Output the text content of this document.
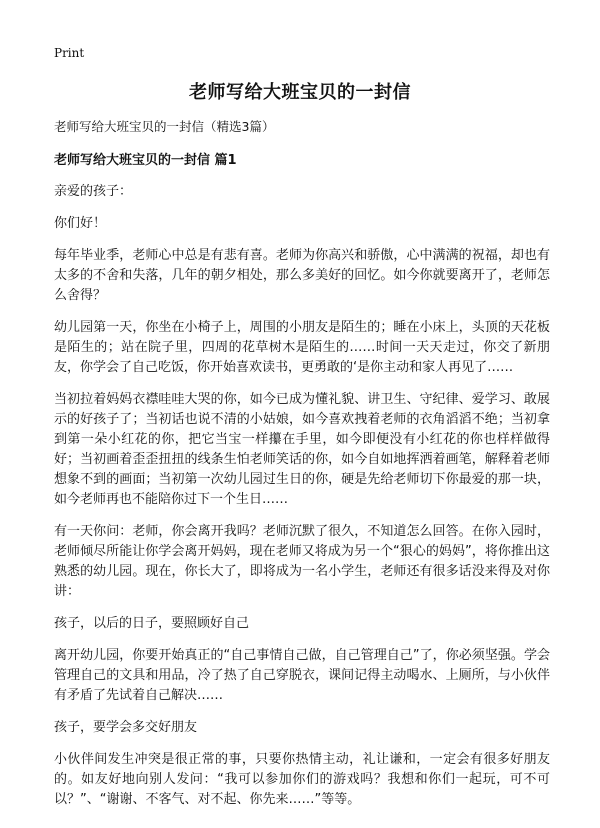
Print
老师写给大班宝贝的一封信

老师写给大班宝贝的一封信（精选3篇）

老师写给大班宝贝的一封信 篇1

亲爱的孩子：

你们好！

每年毕业季，老师心中总是有悲有喜。老师为你高兴和骄傲，心中满满的祝福，却也有太多的不舍和失落，几年的朝夕相处，那么多美好的回忆。如今你就要离开了，老师怎么舍得？

幼儿园第一天，你坐在小椅子上，周围的小朋友是陌生的；睡在小床上，头顶的天花板是陌生的；站在院子里，四周的花草树木是陌生的……时间一天天走过，你交了新朋友，你学会了自己吃饭，你开始喜欢读书，更勇敢的‘是你主动和家人再见了……

当初拉着妈妈衣襟哇哇大哭的你，如今已成为懂礼貌、讲卫生、守纪律、爱学习、敢展示的好孩子了；当初话也说不清的小姑娘，如今喜欢拽着老师的衣角滔滔不绝；当初拿到第一朵小红花的你，把它当宝一样攥在手里，如今即便没有小红花的你也样样做得好；当初画着歪歪扭扭的线条生怕老师笑话的你，如今自如地挥洒着画笔，解释着老师想象不到的画面；当初第一次幼儿园过生日的你，硬是先给老师切下你最爱的那一块，如今老师再也不能陪你过下一个生日……

有一天你问：老师，你会离开我吗？老师沉默了很久，不知道怎么回答。在你入园时，老师倾尽所能让你学会离开妈妈，现在老师又将成为另一个“狠心的妈妈”，将你推出这熟悉的幼儿园。现在，你长大了，即将成为一名小学生，老师还有很多话没来得及对你讲：

孩子，以后的日子，要照顾好自己

离开幼儿园，你要开始真正的“自己事情自己做，自己管理自己”了，你必须坚强。学会管理自己的文具和用品，冷了热了自己穿脱衣，课间记得主动喝水、上厕所，与小伙伴有矛盾了先试着自己解决……

孩子，要学会多交好朋友

小伙伴间发生冲突是很正常的事，只要你热情主动，礼让谦和，一定会有很多好朋友的。如友好地向别人发问：“我可以参加你们的游戏吗？我想和你们一起玩，可不可以？”、“谢谢、不客气、对不起、你先来……”等等。
